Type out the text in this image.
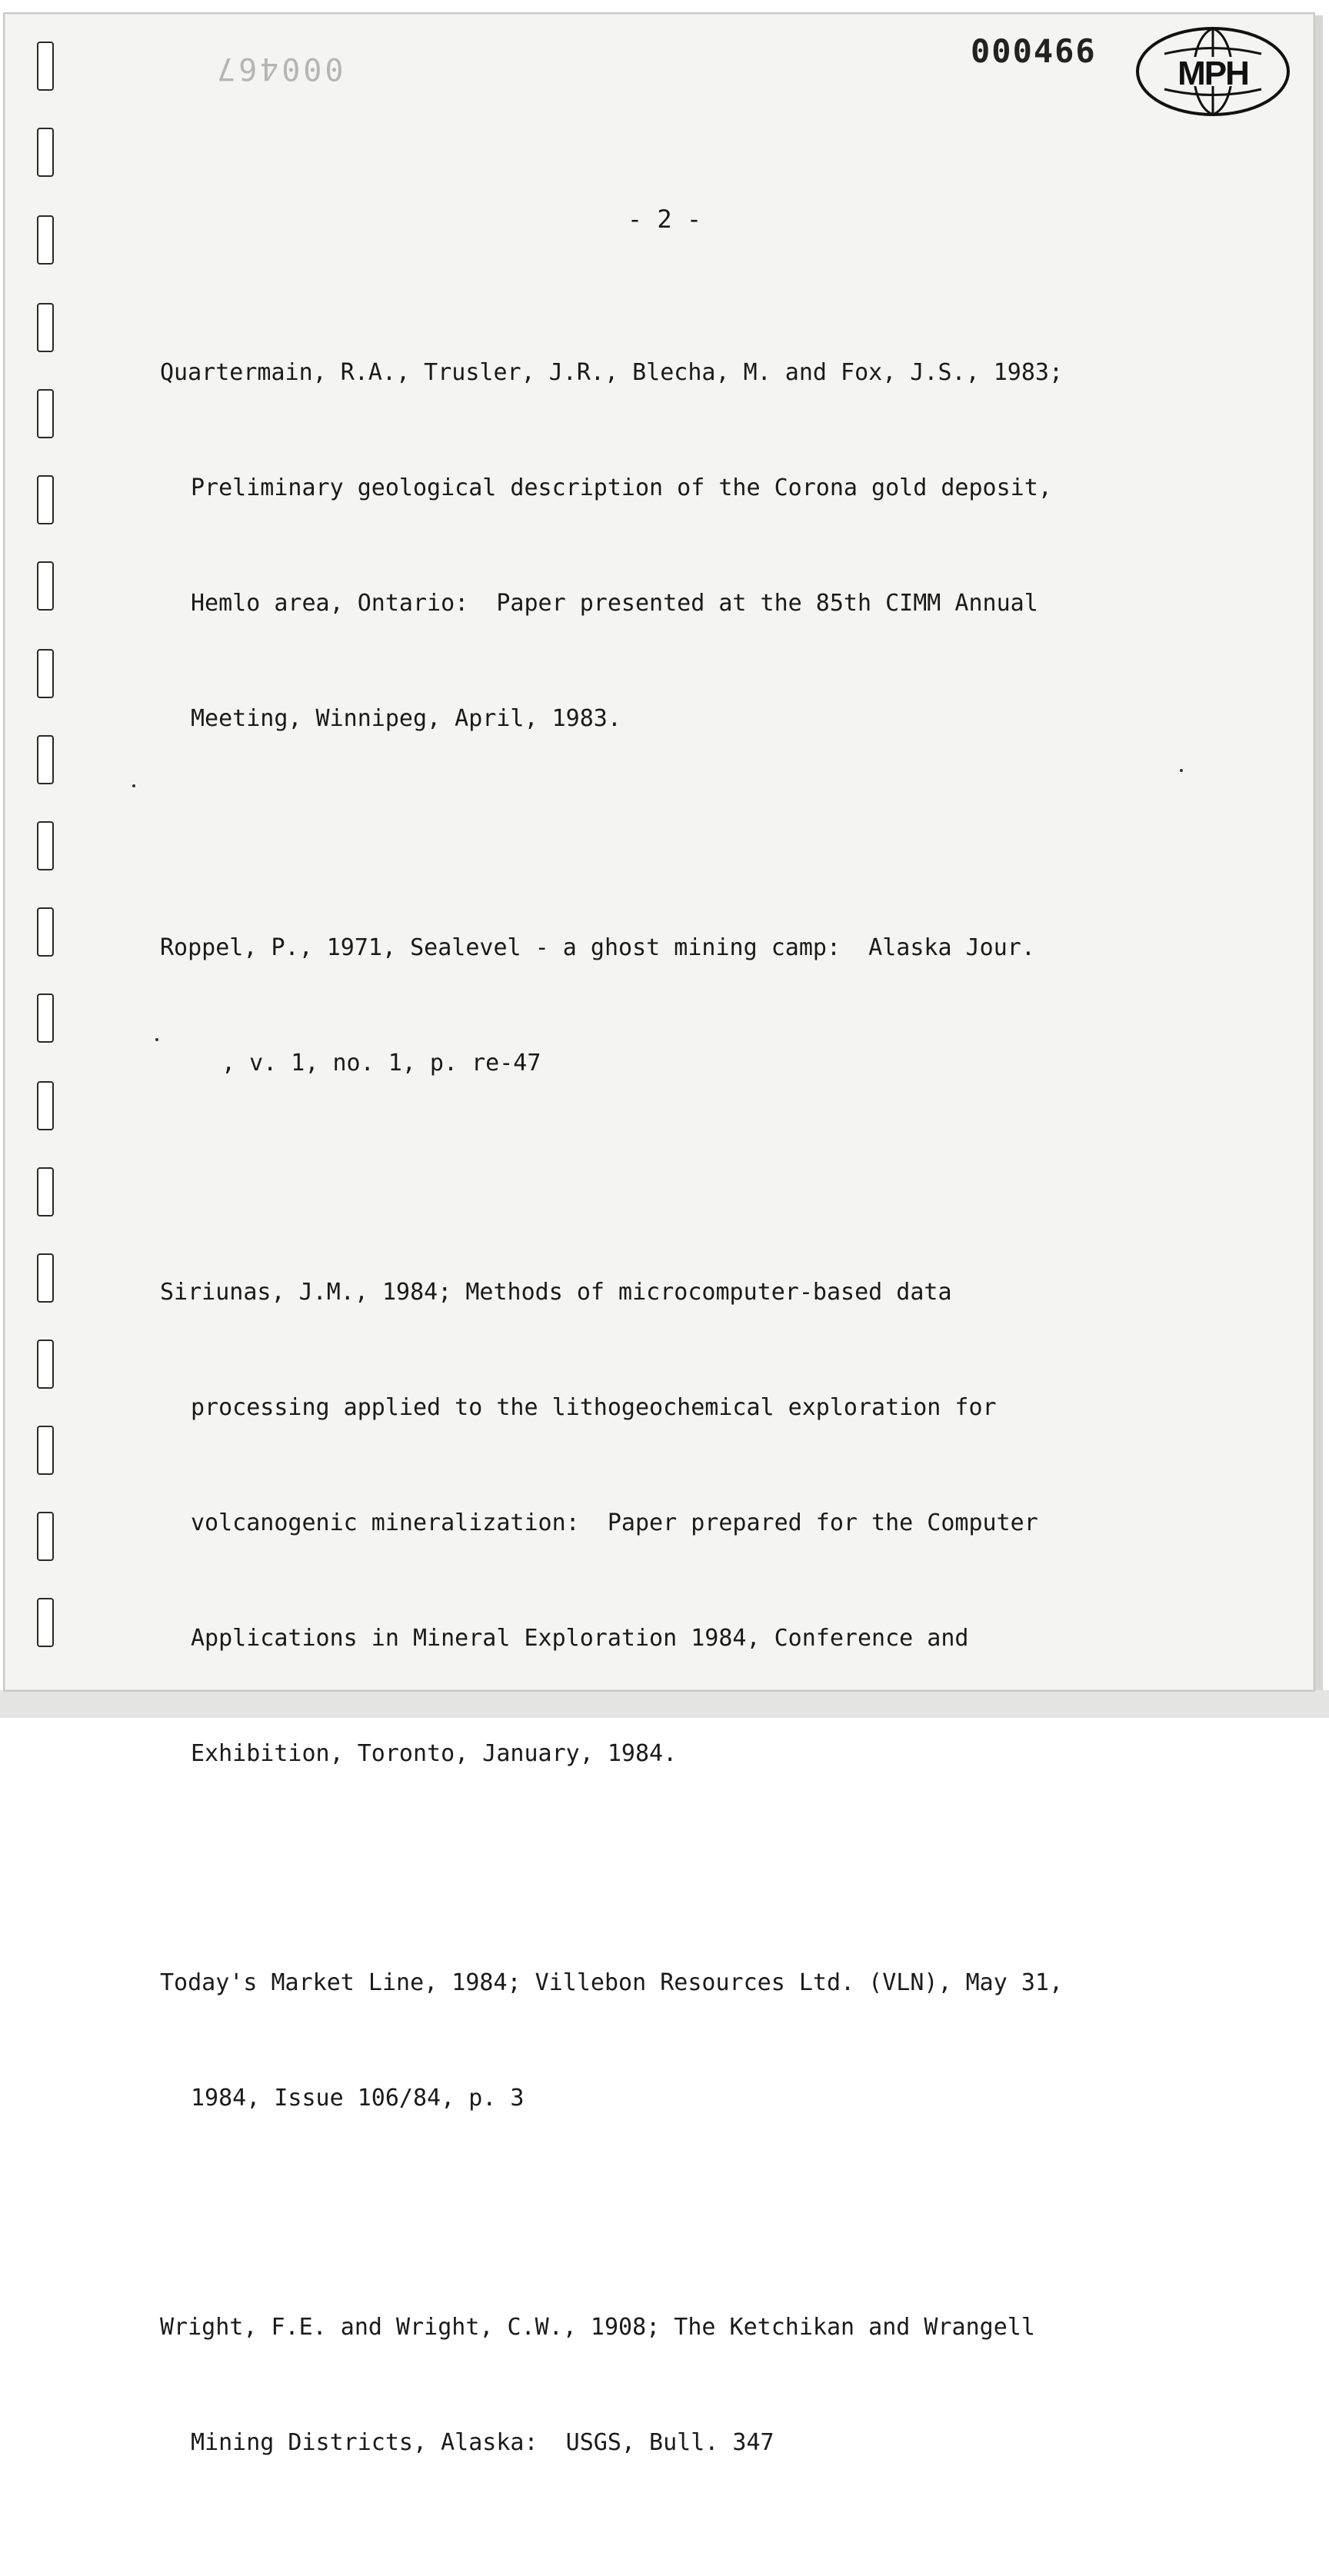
000467	000466
MPH
- 2 -

Quartermain, R.A., Trusler, J.R., Blecha, M. and Fox, J.S., 1983;

Preliminary geological description of the Corona gold deposit,

Hemlo area, Ontario:  Paper presented at the 85th CIMM Annual

Meeting, Winnipeg, April, 1983.

Roppel, P., 1971, Sealevel - a ghost mining camp:  Alaska Jour.

, v. 1, no. 1, p. re-47

Siriunas, J.M., 1984; Methods of microcomputer-based data

processing applied to the lithogeochemical exploration for

volcanogenic mineralization:  Paper prepared for the Computer

Applications in Mineral Exploration 1984, Conference and

Exhibition, Toronto, January, 1984.

Today's Market Line, 1984; Villebon Resources Ltd. (VLN), May 31,

1984, Issue 106/84, p. 3

Wright, F.E. and Wright, C.W., 1908; The Ketchikan and Wrangell

Mining Districts, Alaska:  USGS, Bull. 347
